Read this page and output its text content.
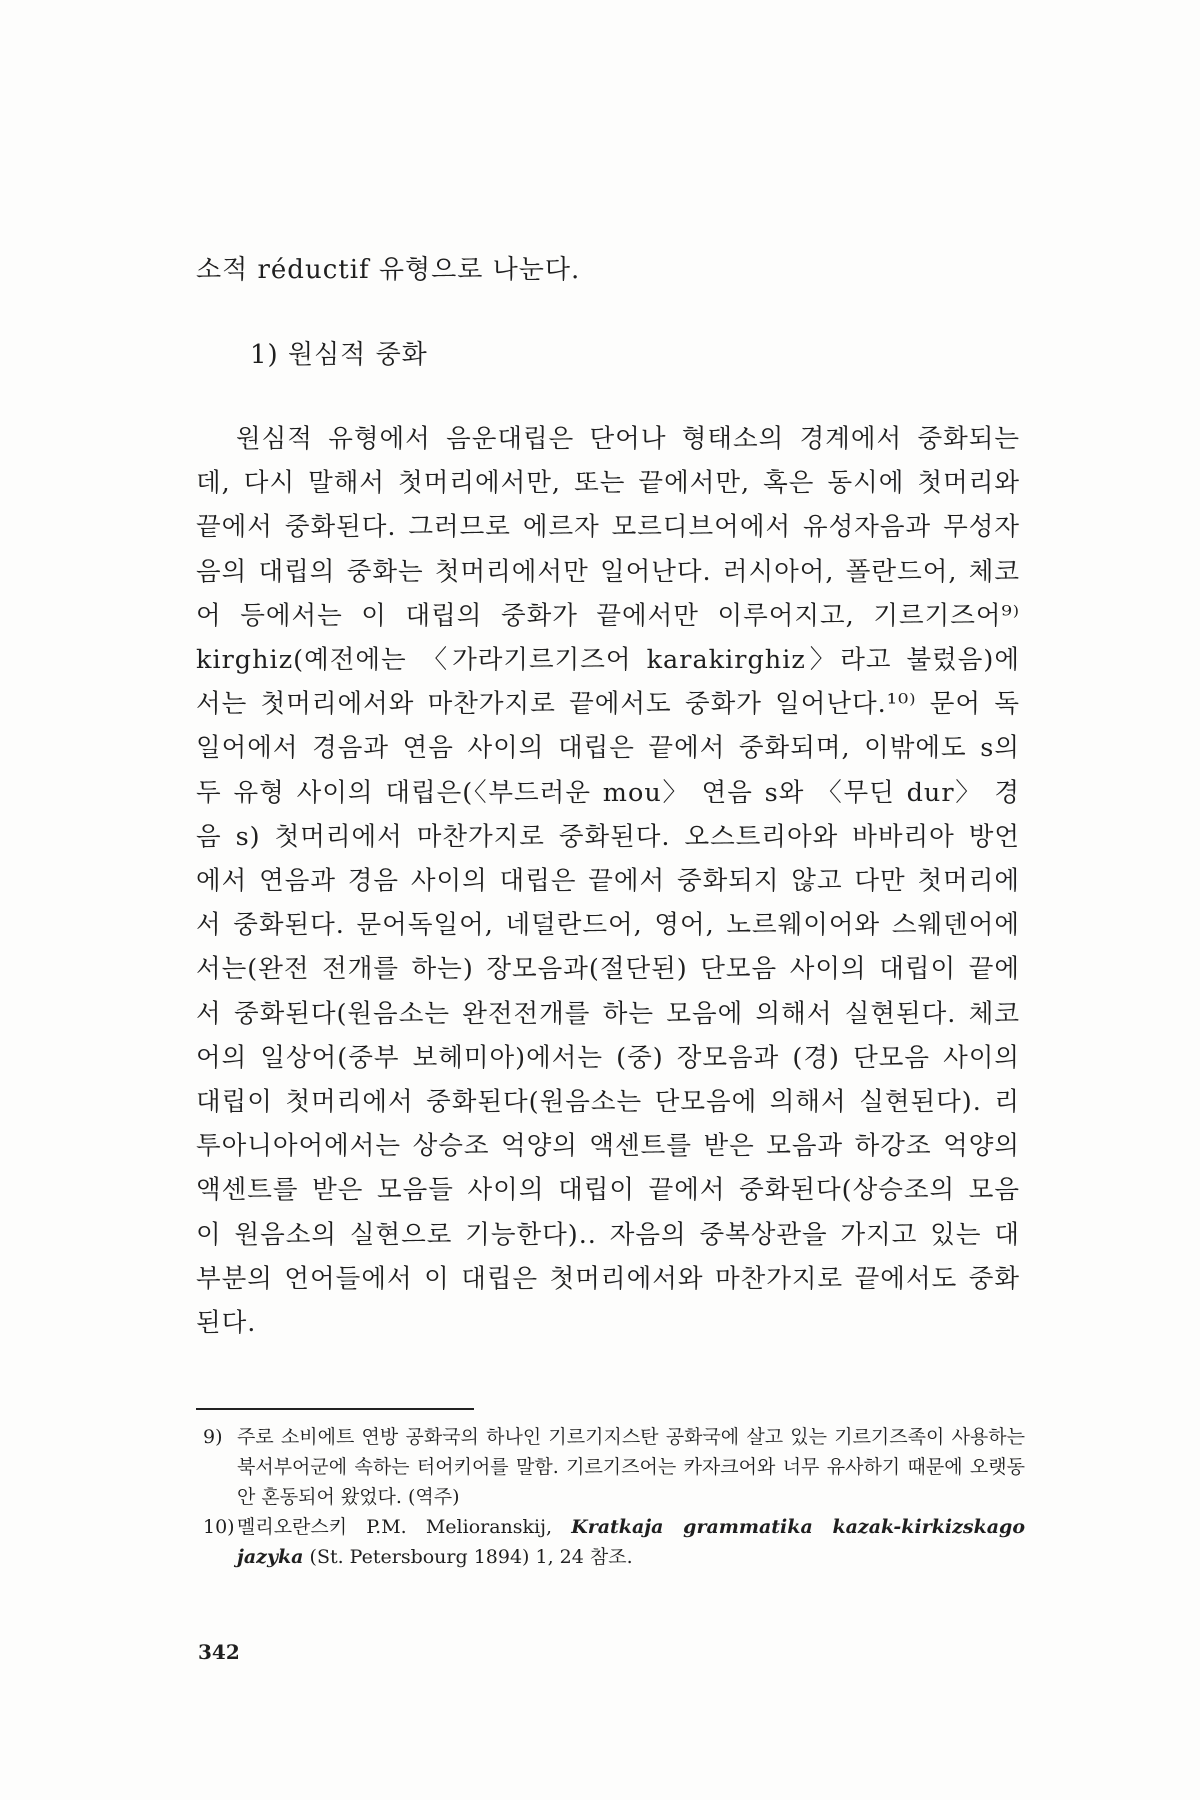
소적 réductif 유형으로 나눈다.
1) 원심적 중화
원심적 유형에서 음운대립은 단어나 형태소의 경계에서 중화되는데, 다시 말해서 첫머리에서만, 또는 끝에서만, 혹은 동시에 첫머리와 끝에서 중화된다. 그러므로 에르자 모르디브어에서 유성자음과 무성자음의 대립의 중화는 첫머리에서만 일어난다. 러시아어, 폴란드어, 체코어 등에서는 이 대립의 중화가 끝에서만 이루어지고, 기르기즈어⁹⁾ kirghiz(예전에는 〈가라기르기즈어 karakirghiz〉라고 불렀음)에서는 첫머리에서와 마찬가지로 끝에서도 중화가 일어난다.¹⁰⁾ 문어 독일어에서 경음과 연음 사이의 대립은 끝에서 중화되며, 이밖에도 s의 두 유형 사이의 대립은(〈부드러운 mou〉 연음 s와 〈무딘 dur〉 경음 s) 첫머리에서 마찬가지로 중화된다. 오스트리아와 바바리아 방언에서 연음과 경음 사이의 대립은 끝에서 중화되지 않고 다만 첫머리에서 중화된다. 문어독일어, 네덜란드어, 영어, 노르웨이어와 스웨덴어에서는(완전 전개를 하는) 장모음과(절단된) 단모음 사이의 대립이 끝에서 중화된다(원음소는 완전전개를 하는 모음에 의해서 실현된다. 체코어의 일상어(중부 보헤미아)에서는 (중) 장모음과 (경) 단모음 사이의 대립이 첫머리에서 중화된다(원음소는 단모음에 의해서 실현된다). 리투아니아어에서는 상승조 억양의 액센트를 받은 모음과 하강조 억양의 액센트를 받은 모음들 사이의 대립이 끝에서 중화된다(상승조의 모음이 원음소의 실현으로 기능한다).. 자음의 중복상관을 가지고 있는 대부분의 언어들에서 이 대립은 첫머리에서와 마찬가지로 끝에서도 중화된다.
9) 주로 소비에트 연방 공화국의 하나인 기르기지스탄 공화국에 살고 있는 기르기즈족이 사용하는 북서부어군에 속하는 터어키어를 말함. 기르기즈어는 카자크어와 너무 유사하기 때문에 오랫동안 혼동되어 왔었다. (역주)
10) 멜리오란스키 P.M. Melioranskij, Kratkaja grammatika kazak-kirkizskago jazyka (St. Petersbourg 1894) 1, 24 참조.
342
